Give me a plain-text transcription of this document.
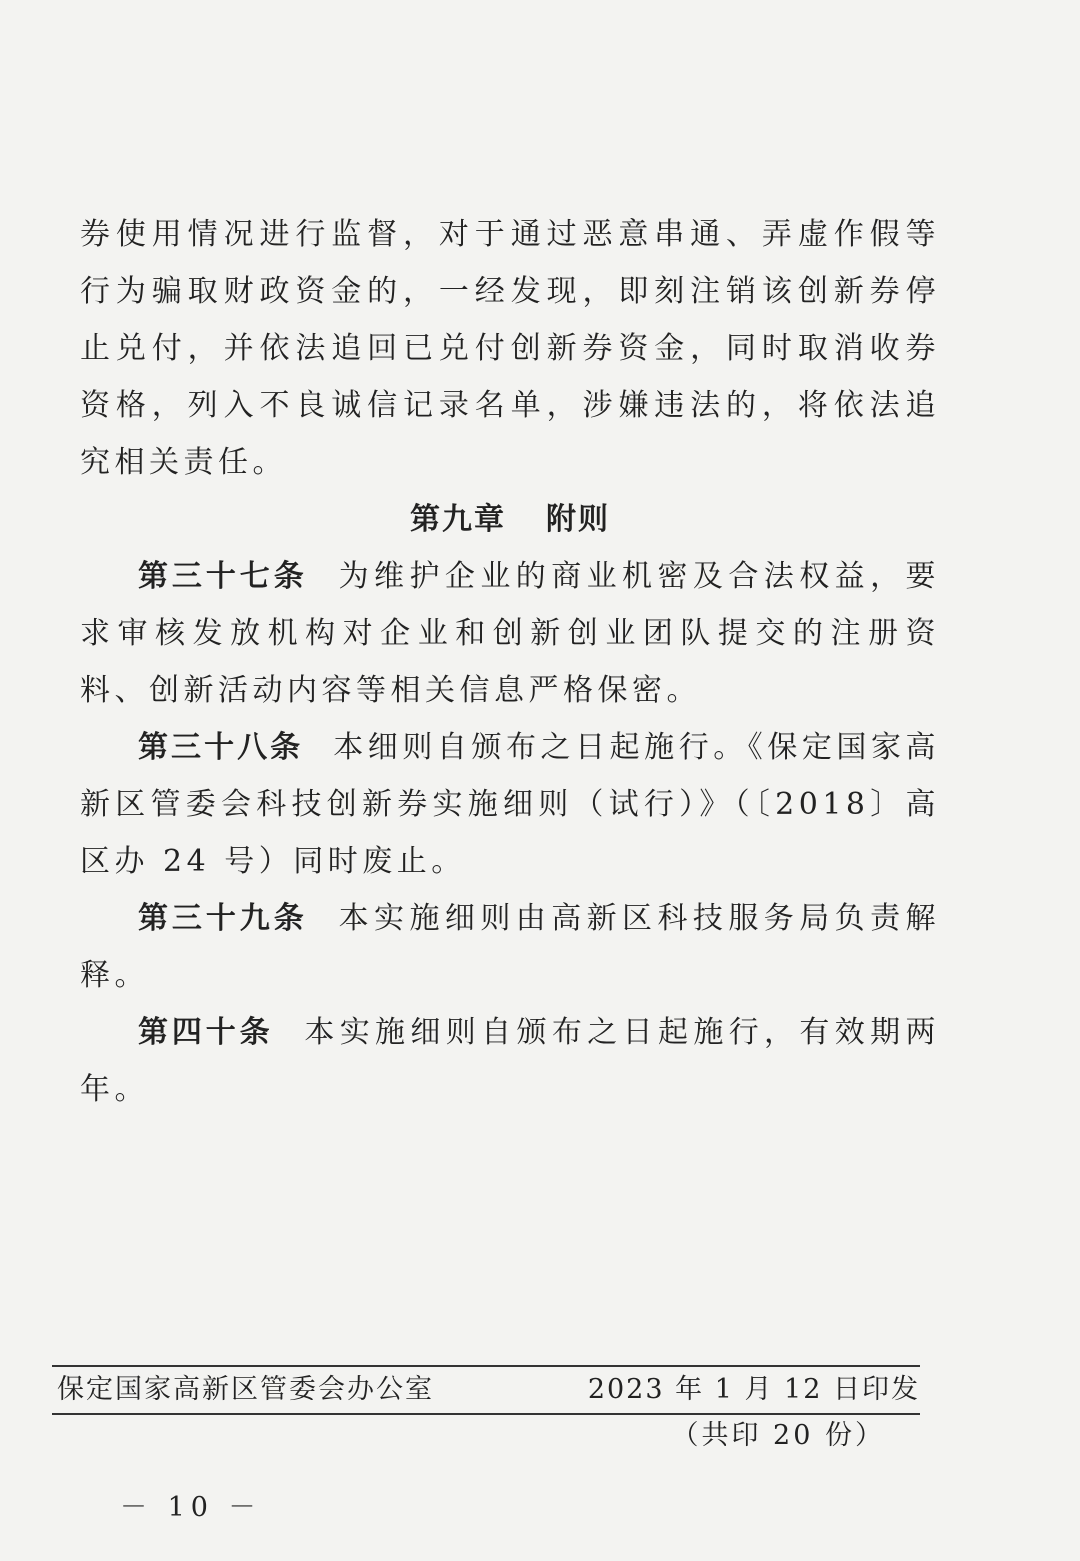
券使用情况进行监督，对于通过恶意串通、弄虚作假等行为骗取财政资金的，一经发现，即刻注销该创新券停止兑付，并依法追回已兑付创新券资金，同时取消收券资格，列入不良诚信记录名单，涉嫌违法的，将依法追究相关责任。

第九章 附则

第三十七条 为维护企业的商业机密及合法权益，要求审核发放机构对企业和创新创业团队提交的注册资料、创新活动内容等相关信息严格保密。

第三十八条 本细则自颁布之日起施行。《保定国家高新区管委会科技创新券实施细则（试行）》（〔2018〕高区办 24 号）同时废止。

第三十九条 本实施细则由高新区科技服务局负责解释。

第四十条 本实施细则自颁布之日起施行，有效期两年。

保定国家高新区管委会办公室	2023 年 1 月 12 日印发
（共印 20 份）
－ 10 －
